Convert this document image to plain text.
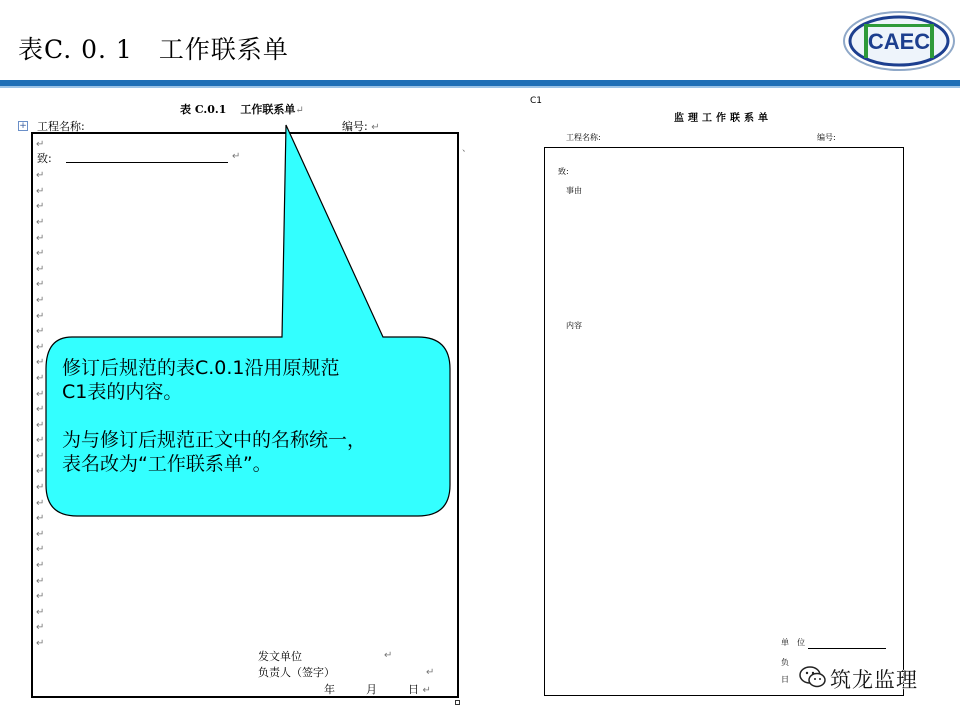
表C. 0. 1　工作联系单	CAEC
表 C.0.1 工作联系单↵
+ 工程名称:	编号: ↵
致:	↵
↵
↵
↵
↵
↵
↵
↵
↵
↵
↵
↵
↵
↵
↵
↵
↵
↵
↵
↵
↵
↵
↵
↵
↵
↵
↵
↵
↵
↵
↵
↵
↵
发文单位
负责人（签字）
↵
↵
年	月	日 ↵
、
C1
监理工作联系单
工程名称:	编号:
致:
事由
内容
单　位
负
日

修订后规范的表C.0.1沿用原规范

C1表的内容。

为与修订后规范正文中的名称统一，

表名改为“工作联系单”。

筑龙监理
